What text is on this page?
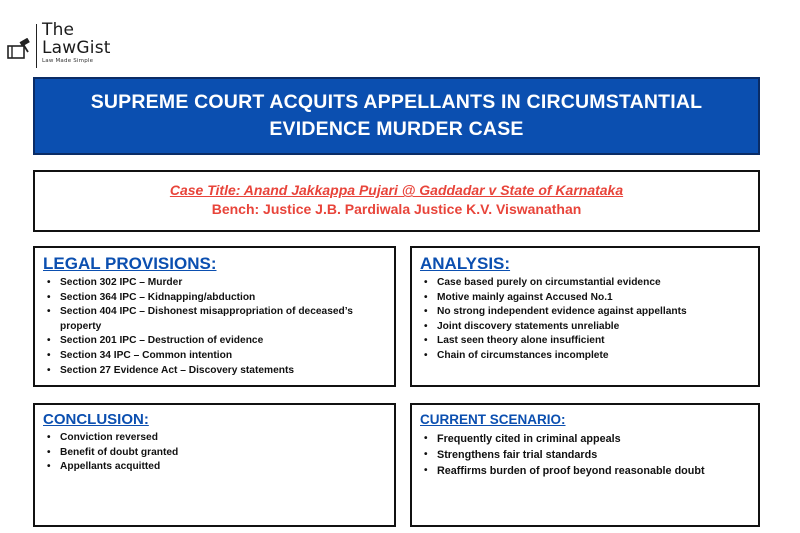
The
LawGist
Law Made Simple
SUPREME COURT ACQUITS APPELLANTS IN CIRCUMSTANTIAL EVIDENCE MURDER CASE
Case Title: Anand Jakkappa Pujari @ Gaddadar v State of Karnataka
Bench: Justice J.B. Pardiwala Justice K.V. Viswanathan
LEGAL PROVISIONS:
• Section 302 IPC – Murder
• Section 364 IPC – Kidnapping/abduction
• Section 404 IPC – Dishonest misappropriation of deceased’s property
• Section 201 IPC – Destruction of evidence
• Section 34 IPC – Common intention
• Section 27 Evidence Act – Discovery statements
ANALYSIS:
• Case based purely on circumstantial evidence
• Motive mainly against Accused No.1
• No strong independent evidence against appellants
• Joint discovery statements unreliable
• Last seen theory alone insufficient
• Chain of circumstances incomplete
CONCLUSION:
• Conviction reversed
• Benefit of doubt granted
• Appellants acquitted
CURRENT SCENARIO:
• Frequently cited in criminal appeals
• Strengthens fair trial standards
• Reaffirms burden of proof beyond reasonable doubt
